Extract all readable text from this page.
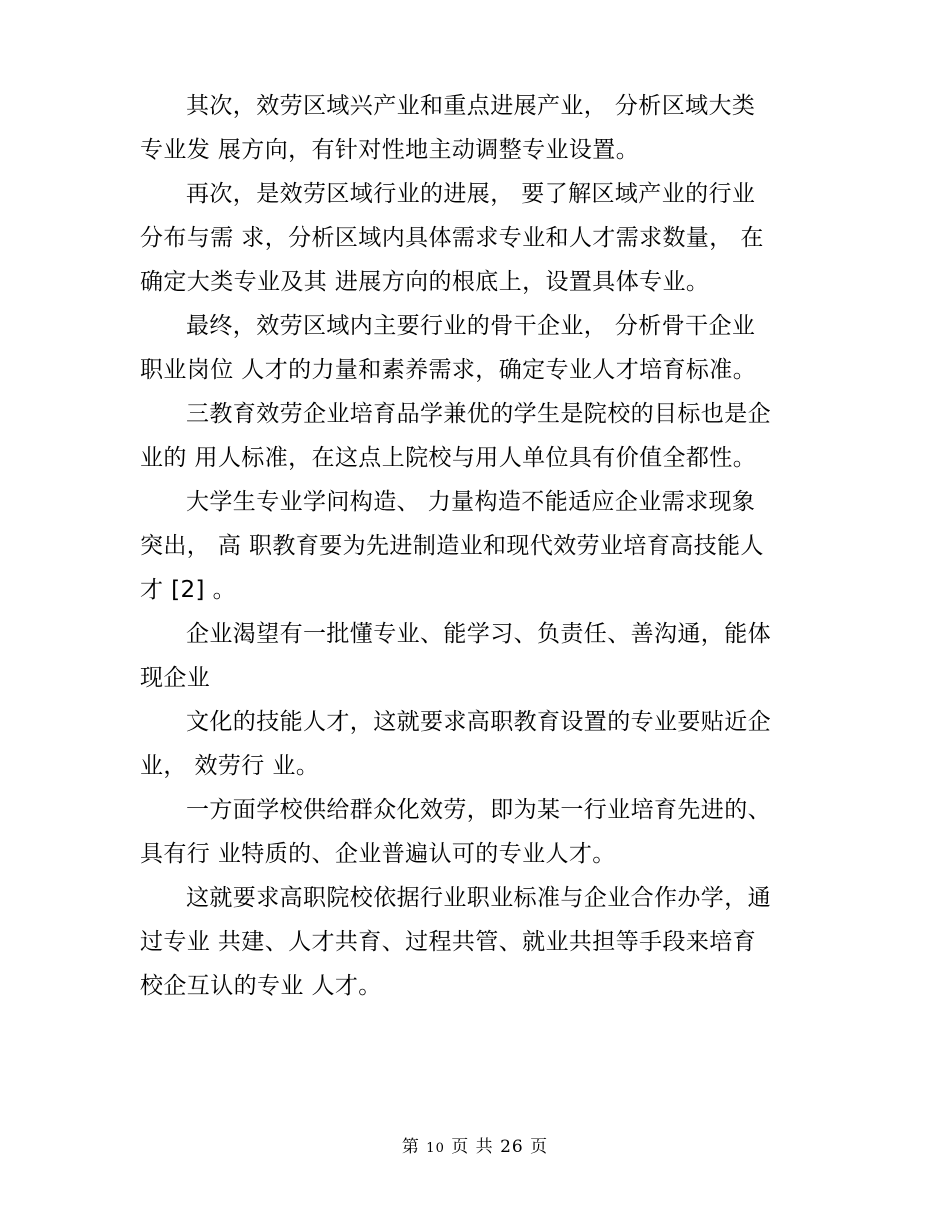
其次，效劳区域兴产业和重点进展产业， 分析区域大类
专业发 展方向，有针对性地主动调整专业设置。

再次，是效劳区域行业的进展， 要了解区域产业的行业
分布与需 求，分析区域内具体需求专业和人才需求数量， 在
确定大类专业及其 进展方向的根底上，设置具体专业。

最终，效劳区域内主要行业的骨干企业， 分析骨干企业
职业岗位 人才的力量和素养需求，确定专业人才培育标准。

三教育效劳企业培育品学兼优的学生是院校的目标也是企
业的 用人标准，在这点上院校与用人单位具有价值全都性。

大学生专业学问构造、 力量构造不能适应企业需求现象
突出， 高 职教育要为先进制造业和现代效劳业培育高技能人
才 [2] 。

企业渴望有一批懂专业、能学习、负责任、善沟通，能体
现企业

文化的技能人才，这就要求高职教育设置的专业要贴近企
业， 效劳行 业。

一方面学校供给群众化效劳，即为某一行业培育先进的、
具有行 业特质的、企业普遍认可的专业人才。

这就要求高职院校依据行业职业标准与企业合作办学，通
过专业 共建、人才共育、过程共管、就业共担等手段来培育
校企互认的专业 人才。

第 10 页 共 26 页
